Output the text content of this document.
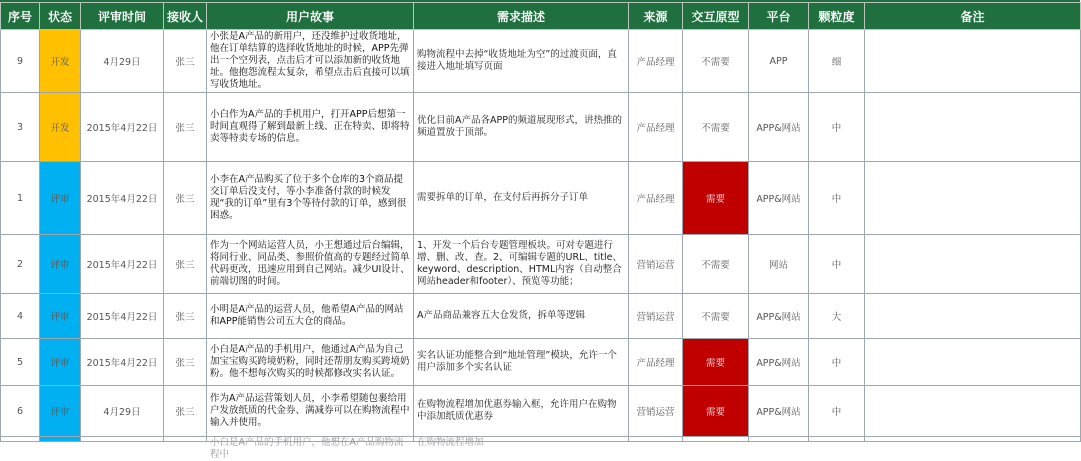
序号	状态	评审时间	接收人	用户故事	需求描述	来源	交互原型	平台	颗粒度	备注
9	开发	4月29日	张三	小张是A产品的新用户，还没维护过收货地址，他在订单结算的选择收货地址的时候，APP先弹出一个空列表，点击后才可以添加新的收货地址。他抱怨流程太复杂，希望点击后直接可以填写收货地址。	购物流程中去掉“收货地址为空”的过渡页面，直接进入地址填写页面	产品经理	不需要	APP	细	
3	开发	2015年4月22日	张三	小白作为A产品的手机用户，打开APP后想第一时间直观得了解到最新上线、正在特卖、即将特卖等特卖专场的信息。	优化目前A产品各APP的频道展现形式，讲热推的频道置放于顶部。	产品经理	不需要	APP&网站	中	
1	评审	2015年4月22日	张三	小李在A产品购买了位于多个仓库的3个商品提交订单后没支付，等小李准备付款的时候发现“我的订单”里有3个等待付款的订单，感到很困惑。	需要拆单的订单，在支付后再拆分子订单	产品经理	需要	APP&网站	中	
2	评审	2015年4月22日	张三	作为一个网站运营人员，小王想通过后台编辑，将同行业、同品类、参照价值高的专题经过简单代码更改，迅速应用到自己网站。减少UI设计、前端切图的时间。	1、开发一个后台专题管理板块。可对专题进行增、删、改、查。2、可编辑专题的URL、title、keyword、description、HTML内容（自动整合网站header和footer）、预览等功能；	营销运营	不需要	网站	中	
4	评审	2015年4月22日	张三	小明是A产品的运营人员，他希望A产品的网站和APP能销售公司五大仓的商品。	A产品商品兼容五大仓发货，拆单等逻辑	营销运营	不需要	APP&网站	大	
5	评审	2015年4月22日	张三	小白是A产品的手机用户，他通过A产品为自己加宝宝购买跨境奶粉，同时还帮朋友购买跨境奶粉。他不想每次购买的时候都修改实名认证。	实名认证功能整合到“地址管理”模块，允许一个用户添加多个实名认证	产品经理	需要	APP&网站	中	
6	评审	4月29日	张三	作为A产品运营策划人员，小李希望随包裹给用户发放纸质的代金券、满减券可以在购物流程中输入并使用。	在购物流程增加优惠券输入框，允许用户在购物中添加纸质优惠券	营销运营	需要	APP&网站	中	

				小白是A产品的手机用户，他想在A产品购物流程中	在购物流程增加					
